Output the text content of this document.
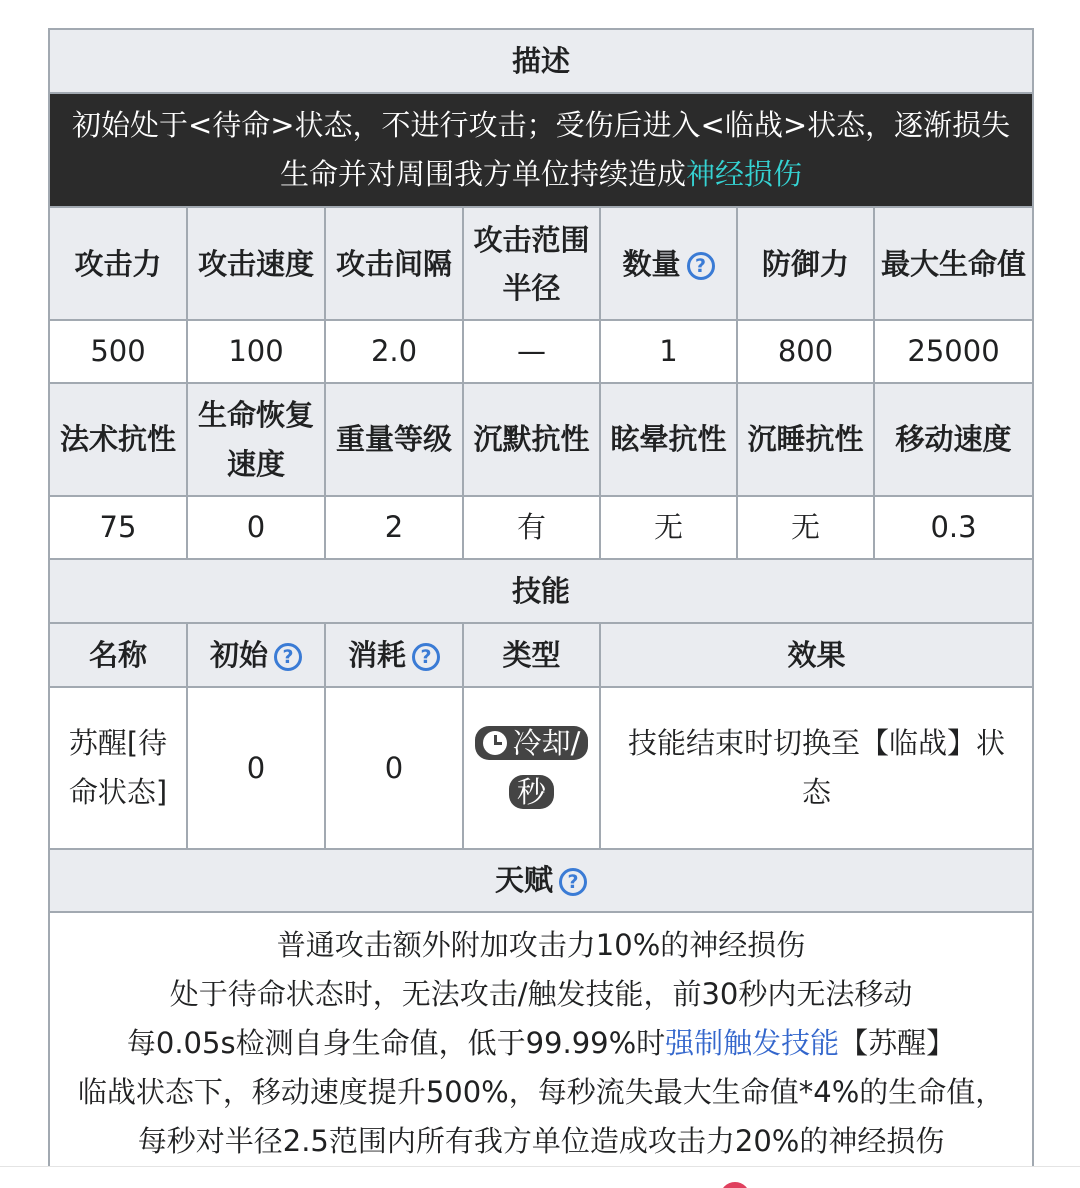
描述						
初始处于<待命>状态，不进行攻击；受伤后进入<临战>状态，逐渐损失
生命并对周围我方单位持续造成神经损伤						
攻击力	攻击速度	攻击间隔	攻击范围半径	数量 ?	防御力	最大生命值
500	100	2.0	—	1	800	25000
法术抗性	生命恢复速度	重量等级	沉默抗性	眩晕抗性	沉睡抗性	移动速度
75	0	2	有	无	无	0.3
技能						
名称	初始 ?	消耗 ?	类型	效果		

苏醒[待命状态]	0	0	冷却/秒	技能结束时切换至【临战】状态		

天赋 ?						
普通攻击额外附加攻击力10%的神经损伤
处于待命状态时，无法攻击/触发技能，前30秒内无法移动
每0.05s检测自身生命值，低于99.99%时强制触发技能【苏醒】
临战状态下，移动速度提升500%，每秒流失最大生命值*4%的生命值，
每秒对半径2.5范围内所有我方单位造成攻击力20%的神经损伤						
